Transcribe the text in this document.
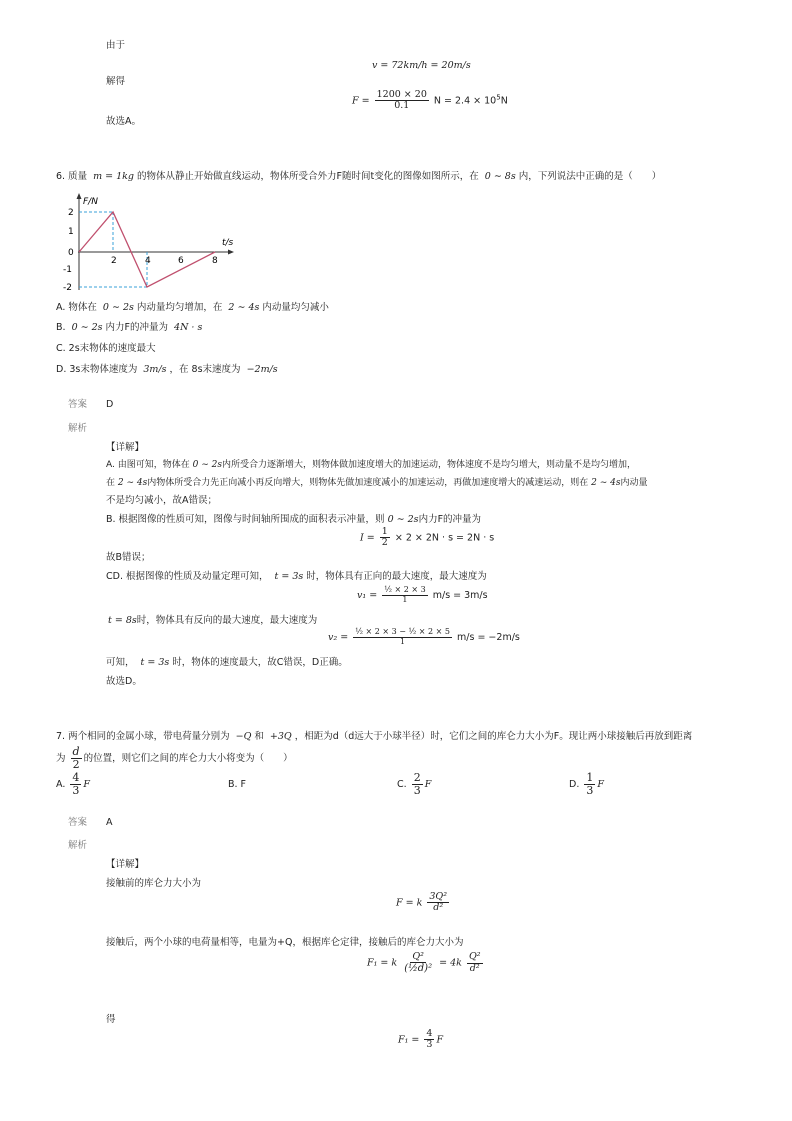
由于
v = 72km/h = 20m/s
解得
$F = \frac{1200 \times 20}{0.1}$ $N = 2.4 \times 10^5N$
故选A。
6. 质量 m = 1kg 的物体从静止开始做直线运动，物体所受合外力F随时间t变化的图像如图所示，在 0 ∼ 8s 内，下列说法中正确的是（　　）
F/N
t/s
2
1
0
-1
-2
2	4	6	8
A. 物体在 0 ∼ 2s 内动量均匀增加，在 2 ∼ 4s 内动量均匀减小
B. 0 ∼ 2s 内力F的冲量为 4N · s
C. 2s末物体的速度最大
D. 3s末物体速度为 3m/s ，在 8s末速度为 −2m/s
答案 D
解析
【详解】
A. 由图可知，物体在 0 ∼ 2s内所受合力逐渐增大，则物体做加速度增大的加速运动，物体速度不是均匀增大，则动量不是均匀增加，
在 2 ∼ 4s内物体所受合力先正向减小再反向增大，则物体先做加速度减小的加速运动，再做加速度增大的减速运动，则在 2 ∼ 4s内动量
不是均匀减小，故A错误；
B. 根据图像的性质可知，图像与时间轴所围成的面积表示冲量，则 0 ∼ 2s内力F的冲量为
$I = \frac{1}{2} \times 2 \times 2N \cdot s = 2N \cdot s$
故B错误；
CD. 根据图像的性质及动量定理可知， t = 3s 时，物体具有正向的最大速度，最大速度为
$v_1 = \frac{\text{½ × 2 × 3}}{1} m/s = 3m/s$
t = 8s时，物体具有反向的最大速度，最大速度为
$v_2 = \frac{\text{½ × 2 × 3 − ½ × 2 × 5}}{1} m/s = -2m/s$
可知， t = 3s 时，物体的速度最大，故C错误，D正确。
故选D。
7. 两个相同的金属小球，带电荷量分别为 −Q 和 +3Q ，相距为d（d远大于小球半径）时，它们之间的库仑力大小为F。现让两小球接触后再放到距离
为 $\frac{d}{2}$ 的位置，则它们之间的库仑力大小将变为（　　）
A. $\frac{4}{3}$ F	B. F	C. $\frac{2}{3}$ F	D. $\frac{1}{3}$ F
答案 A
解析
【详解】
接触前的库仑力大小为
F = k $\frac{\text{3Q²}}{\text{d²}}$
接触后，两个小球的电荷量相等，电量为+Q，根据库仑定律，接触后的库仑力大小为
F₁ = k $\frac{\text{Q²}}{\text{(½d)²}} = 4k \frac{\text{Q²}}{\text{d²}}$
得
$F_1 = \frac{4}{3}$ F
